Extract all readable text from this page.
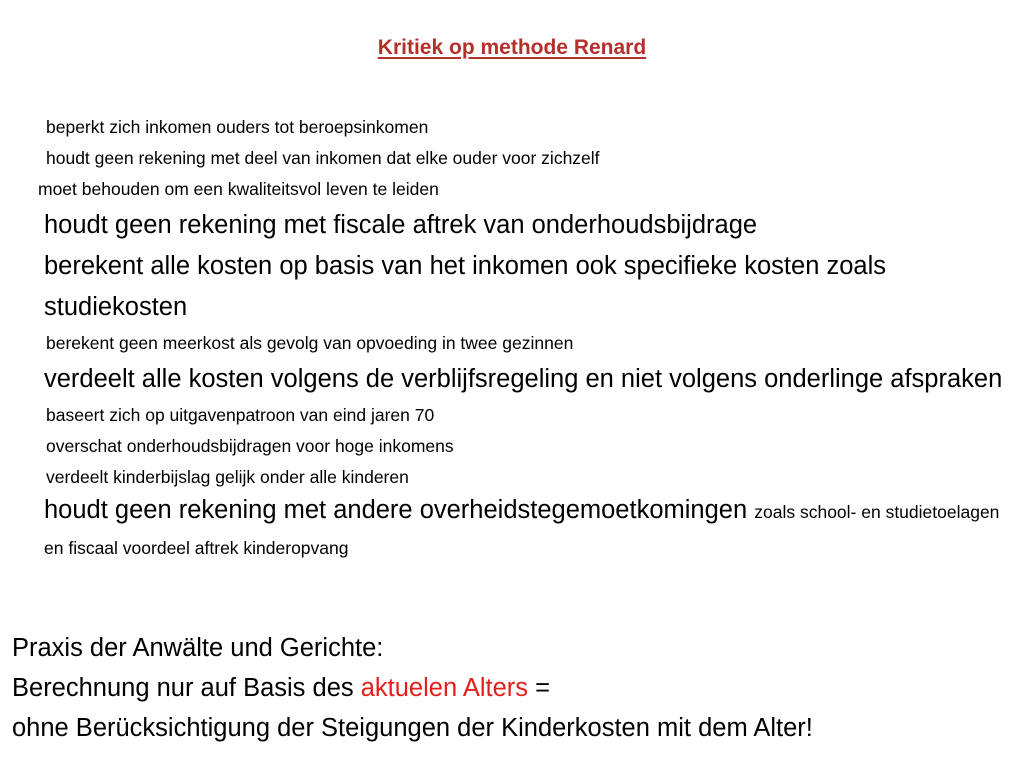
Kritiek op methode Renard
beperkt zich inkomen ouders tot beroepsinkomen
houdt geen rekening met deel van inkomen dat elke ouder voor zichzelf
moet behouden om een kwaliteitsvol leven te leiden
houdt geen rekening met fiscale aftrek van onderhoudsbijdrage
berekent alle kosten op basis van het inkomen ook specifieke kosten zoals studiekosten
berekent geen meerkost als gevolg van opvoeding in twee gezinnen
verdeelt alle kosten volgens de verblijfsregeling en niet volgens onderlinge afspraken
baseert zich op uitgavenpatroon van eind jaren 70
overschat onderhoudsbijdragen voor hoge inkomens
verdeelt kinderbijslag gelijk onder alle kinderen
houdt geen rekening met andere overheidstegemoetkomingen zoals school- en studietoelagen en fiscaal voordeel aftrek kinderopvang
Praxis der Anwälte und Gerichte:
Berechnung nur auf Basis des aktuelen Alters =
ohne Berücksichtigung der Steigungen der Kinderkosten mit dem Alter!
